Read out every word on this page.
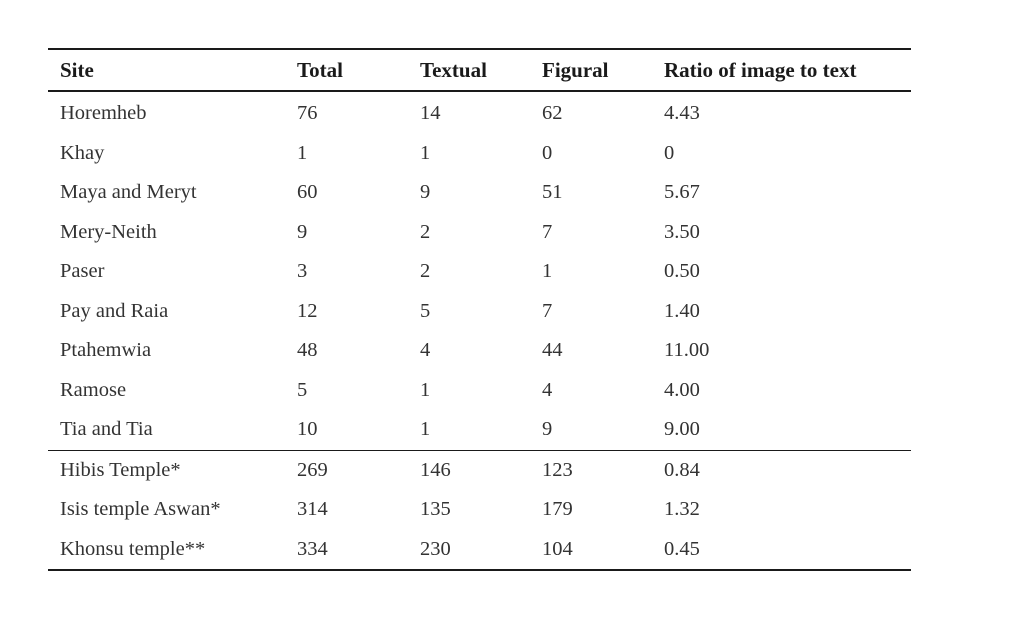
Site	Total	Textual	Figural	Ratio of image to text
Horemheb	76	14	62	4.43
Khay	1	1	0	0
Maya and Meryt	60	9	51	5.67
Mery-Neith	9	2	7	3.50
Paser	3	2	1	0.50
Pay and Raia	12	5	7	1.40
Ptahemwia	48	4	44	11.00
Ramose	5	1	4	4.00
Tia and Tia	10	1	9	9.00
Hibis Temple*	269	146	123	0.84
Isis temple Aswan*	314	135	179	1.32
Khonsu temple**	334	230	104	0.45
